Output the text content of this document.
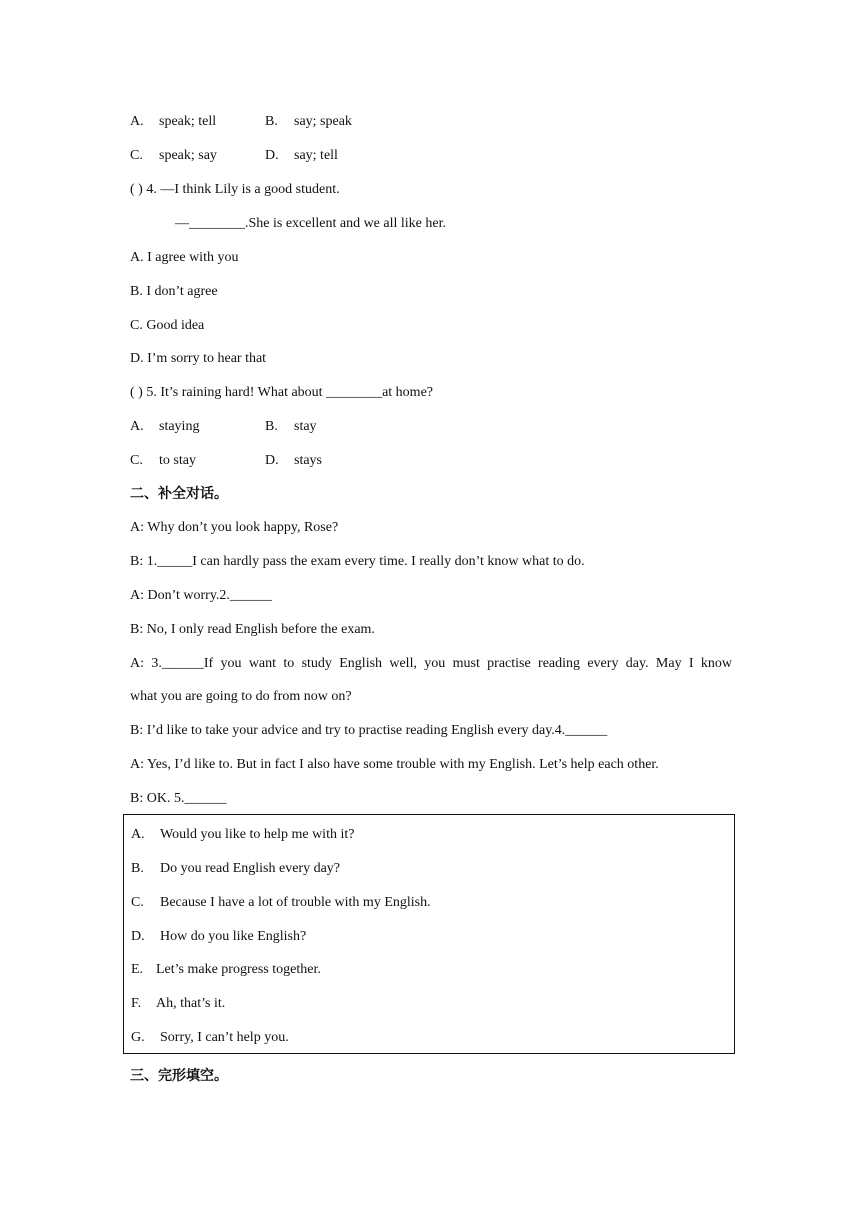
A. speak; tell	B. say; speak
C. speak; say	D. say; tell
( ) 4. —I think Lily is a good student.
—________.She is excellent and we all like her.
A. I agree with you
B. I don’t agree
C. Good idea
D. I’m sorry to hear that
( ) 5. It’s raining hard! What about ________at home?
A. staying	B. stay
C. to stay	D. stays
二、补全对话。
A: Why don’t you look happy, Rose?
B: 1._____I can hardly pass the exam every time. I really don’t know what to do.
A: Don’t worry.2.______
B: No, I only read English before the exam.
A: 3.______If you want to study English well, you must practise reading every day. May I know
what you are going to do from now on?
B: I’d like to take your advice and try to practise reading English every day.4.______
A: Yes, I’d like to. But in fact I also have some trouble with my English. Let’s help each other.
B: OK. 5.______
A. Would you like to help me with it?
B. Do you read English every day?
C. Because I have a lot of trouble with my English.
D. How do you like English?
E. Let’s make progress together.
F. Ah, that’s it.
G. Sorry, I can’t help you.
三、完形填空。
